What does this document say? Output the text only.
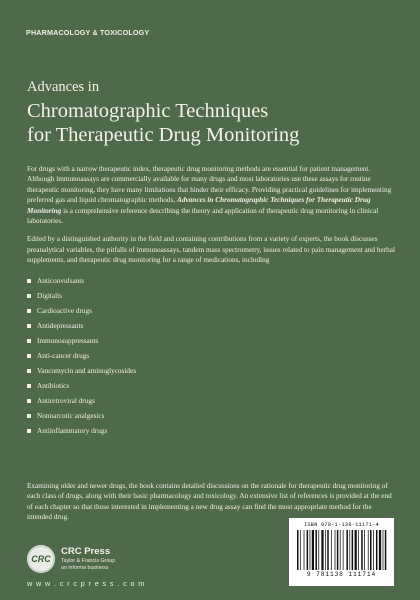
PHARMACOLOGY & TOXICOLOGY
Advances in
Chromatographic Techniques
for Therapeutic Drug Monitoring

For drugs with a narrow therapeutic index, therapeutic drug monitoring methods are essential for patient management. Although immunoassays are commercially available for many drugs and most laboratories use these assays for routine therapeutic monitoring, they have many limitations that hinder their efficacy. Providing practical guidelines for implementing preferred gas and liquid chromatographic methods, Advances in Chromatographic Techniques for Therapeutic Drug Monitoring is a comprehensive reference describing the theory and application of therapeutic drug monitoring in clinical laboratories.

Edited by a distinguished authority in the field and containing contributions from a variety of experts, the book discusses preanalytical variables, the pitfalls of immunoassays, tandem mass spectrometry, issues related to pain management and herbal supplements, and therapeutic drug monitoring for a range of medications, including

Anticonvulsants
Digitalis
Cardioactive drugs
Antidepressants
Immunosuppressants
Anti-cancer drugs
Vancomycin and aminoglycosides
Antibiotics
Antiretroviral drugs
Nonnarcotic analgesics
Antiinflammatory drugs

Examining older and newer drugs, the book contains detailed discussions on the rationale for therapeutic drug monitoring of each class of drugs, along with their basic pharmacology and toxicology. An extensive list of references is provided at the end of each chapter so that those interested in implementing a new drug assay can find the most appropriate method for the intended drug.

CRC
CRC Press
Taylor & Francis Group
an informa business
w w w . c r c p r e s s . c o m
ISBN 978-1-138-11171-4
9 781138 111714
